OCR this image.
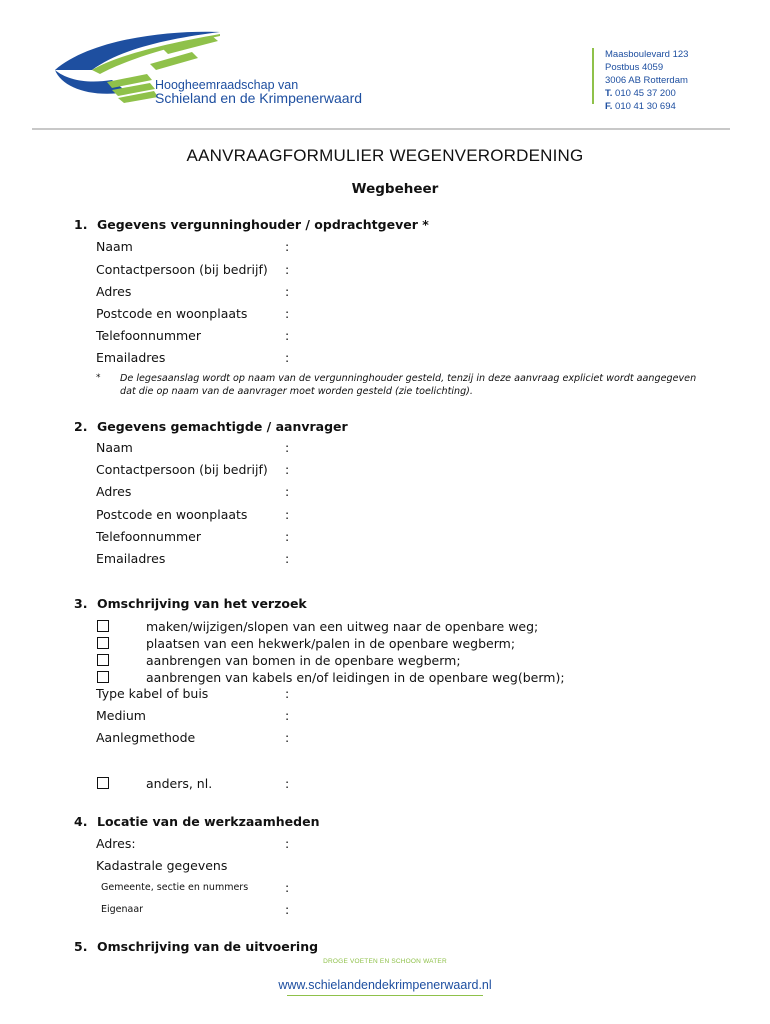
Hoogheemraadschap van
Schieland en de Krimpenerwaard
Maasboulevard 123
Postbus 4059
3006 AB Rotterdam
T. 010 45 37 200
F. 010 41 30 694
AANVRAAGFORMULIER WEGENVERORDENING
Wegbeheer
1. Gegevens vergunninghouder / opdrachtgever *
Naam	:
Contactpersoon (bij bedrijf) :
Adres	:
Postcode en woonplaats	:
Telefoonnummer	:
Emailadres	:
* De legesaanslag wordt op naam van de vergunninghouder gesteld, tenzij in deze aanvraag expliciet wordt aangegeven dat die op naam van de aanvrager moet worden gesteld (zie toelichting).
2. Gegevens gemachtigde / aanvrager
Naam	:
Contactpersoon (bij bedrijf) :
Adres	:
Postcode en woonplaats	:
Telefoonnummer	:
Emailadres	:
3. Omschrijving van het verzoek
maken/wijzigen/slopen van een uitweg naar de openbare weg;
plaatsen van een hekwerk/palen in de openbare wegberm;
aanbrengen van bomen in de openbare wegberm;
aanbrengen van kabels en/of leidingen in de openbare weg(berm);
Type kabel of buis	:
Medium	:
Aanlegmethode	:
anders, nl.	:
4. Locatie van de werkzaamheden
Adres:	:
Kadastrale gegevens
Gemeente, sectie en nummers	:
Eigenaar	:
5. Omschrijving van de uitvoering
DROGE VOETEN EN SCHOON WATER
www.schielandendekrimpenerwaard.nl
